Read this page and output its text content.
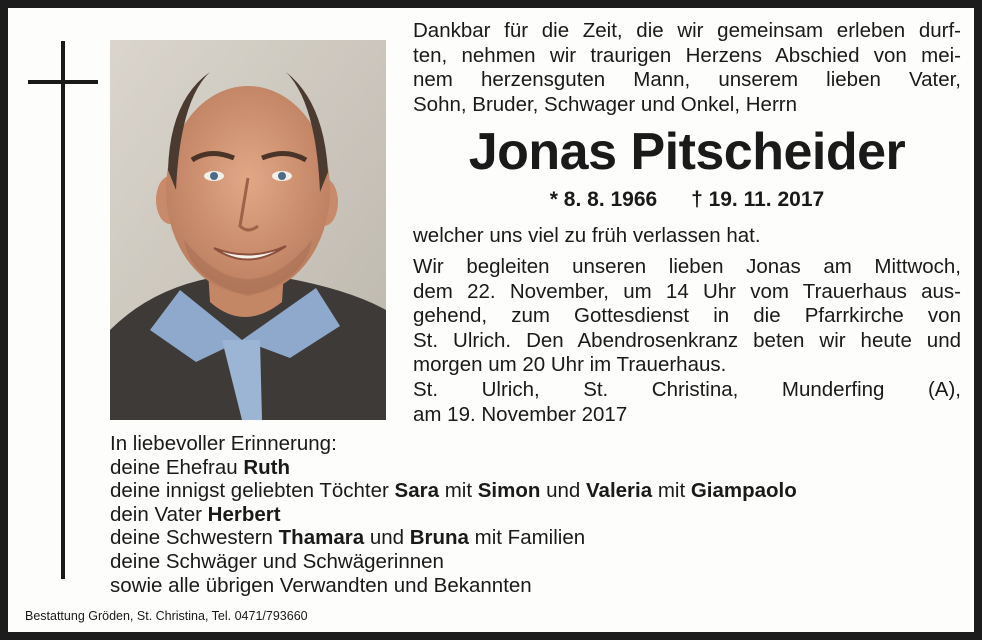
Dankbar für die Zeit, die wir gemeinsam erleben durf-
ten, nehmen wir traurigen Herzens Abschied von mei-
nem herzensguten Mann, unserem lieben Vater,
Sohn, Bruder, Schwager und Onkel, Herrn
Jonas Pitscheider
* 8. 8. 1966 † 19. 11. 2017
welcher uns viel zu früh verlassen hat.
Wir begleiten unseren lieben Jonas am Mittwoch,
dem 22. November, um 14 Uhr vom Trauerhaus aus-
gehend, zum Gottesdienst in die Pfarrkirche von
St. Ulrich. Den Abendrosenkranz beten wir heute und
morgen um 20 Uhr im Trauerhaus.
St. Ulrich, St. Christina, Munderfing (A),
am 19. November 2017
In liebevoller Erinnerung:
deine Ehefrau Ruth
deine innigst geliebten Töchter Sara mit Simon und Valeria mit Giampaolo
dein Vater Herbert
deine Schwestern Thamara und Bruna mit Familien
deine Schwäger und Schwägerinnen
sowie alle übrigen Verwandten und Bekannten
Bestattung Gröden, St. Christina, Tel. 0471/793660
